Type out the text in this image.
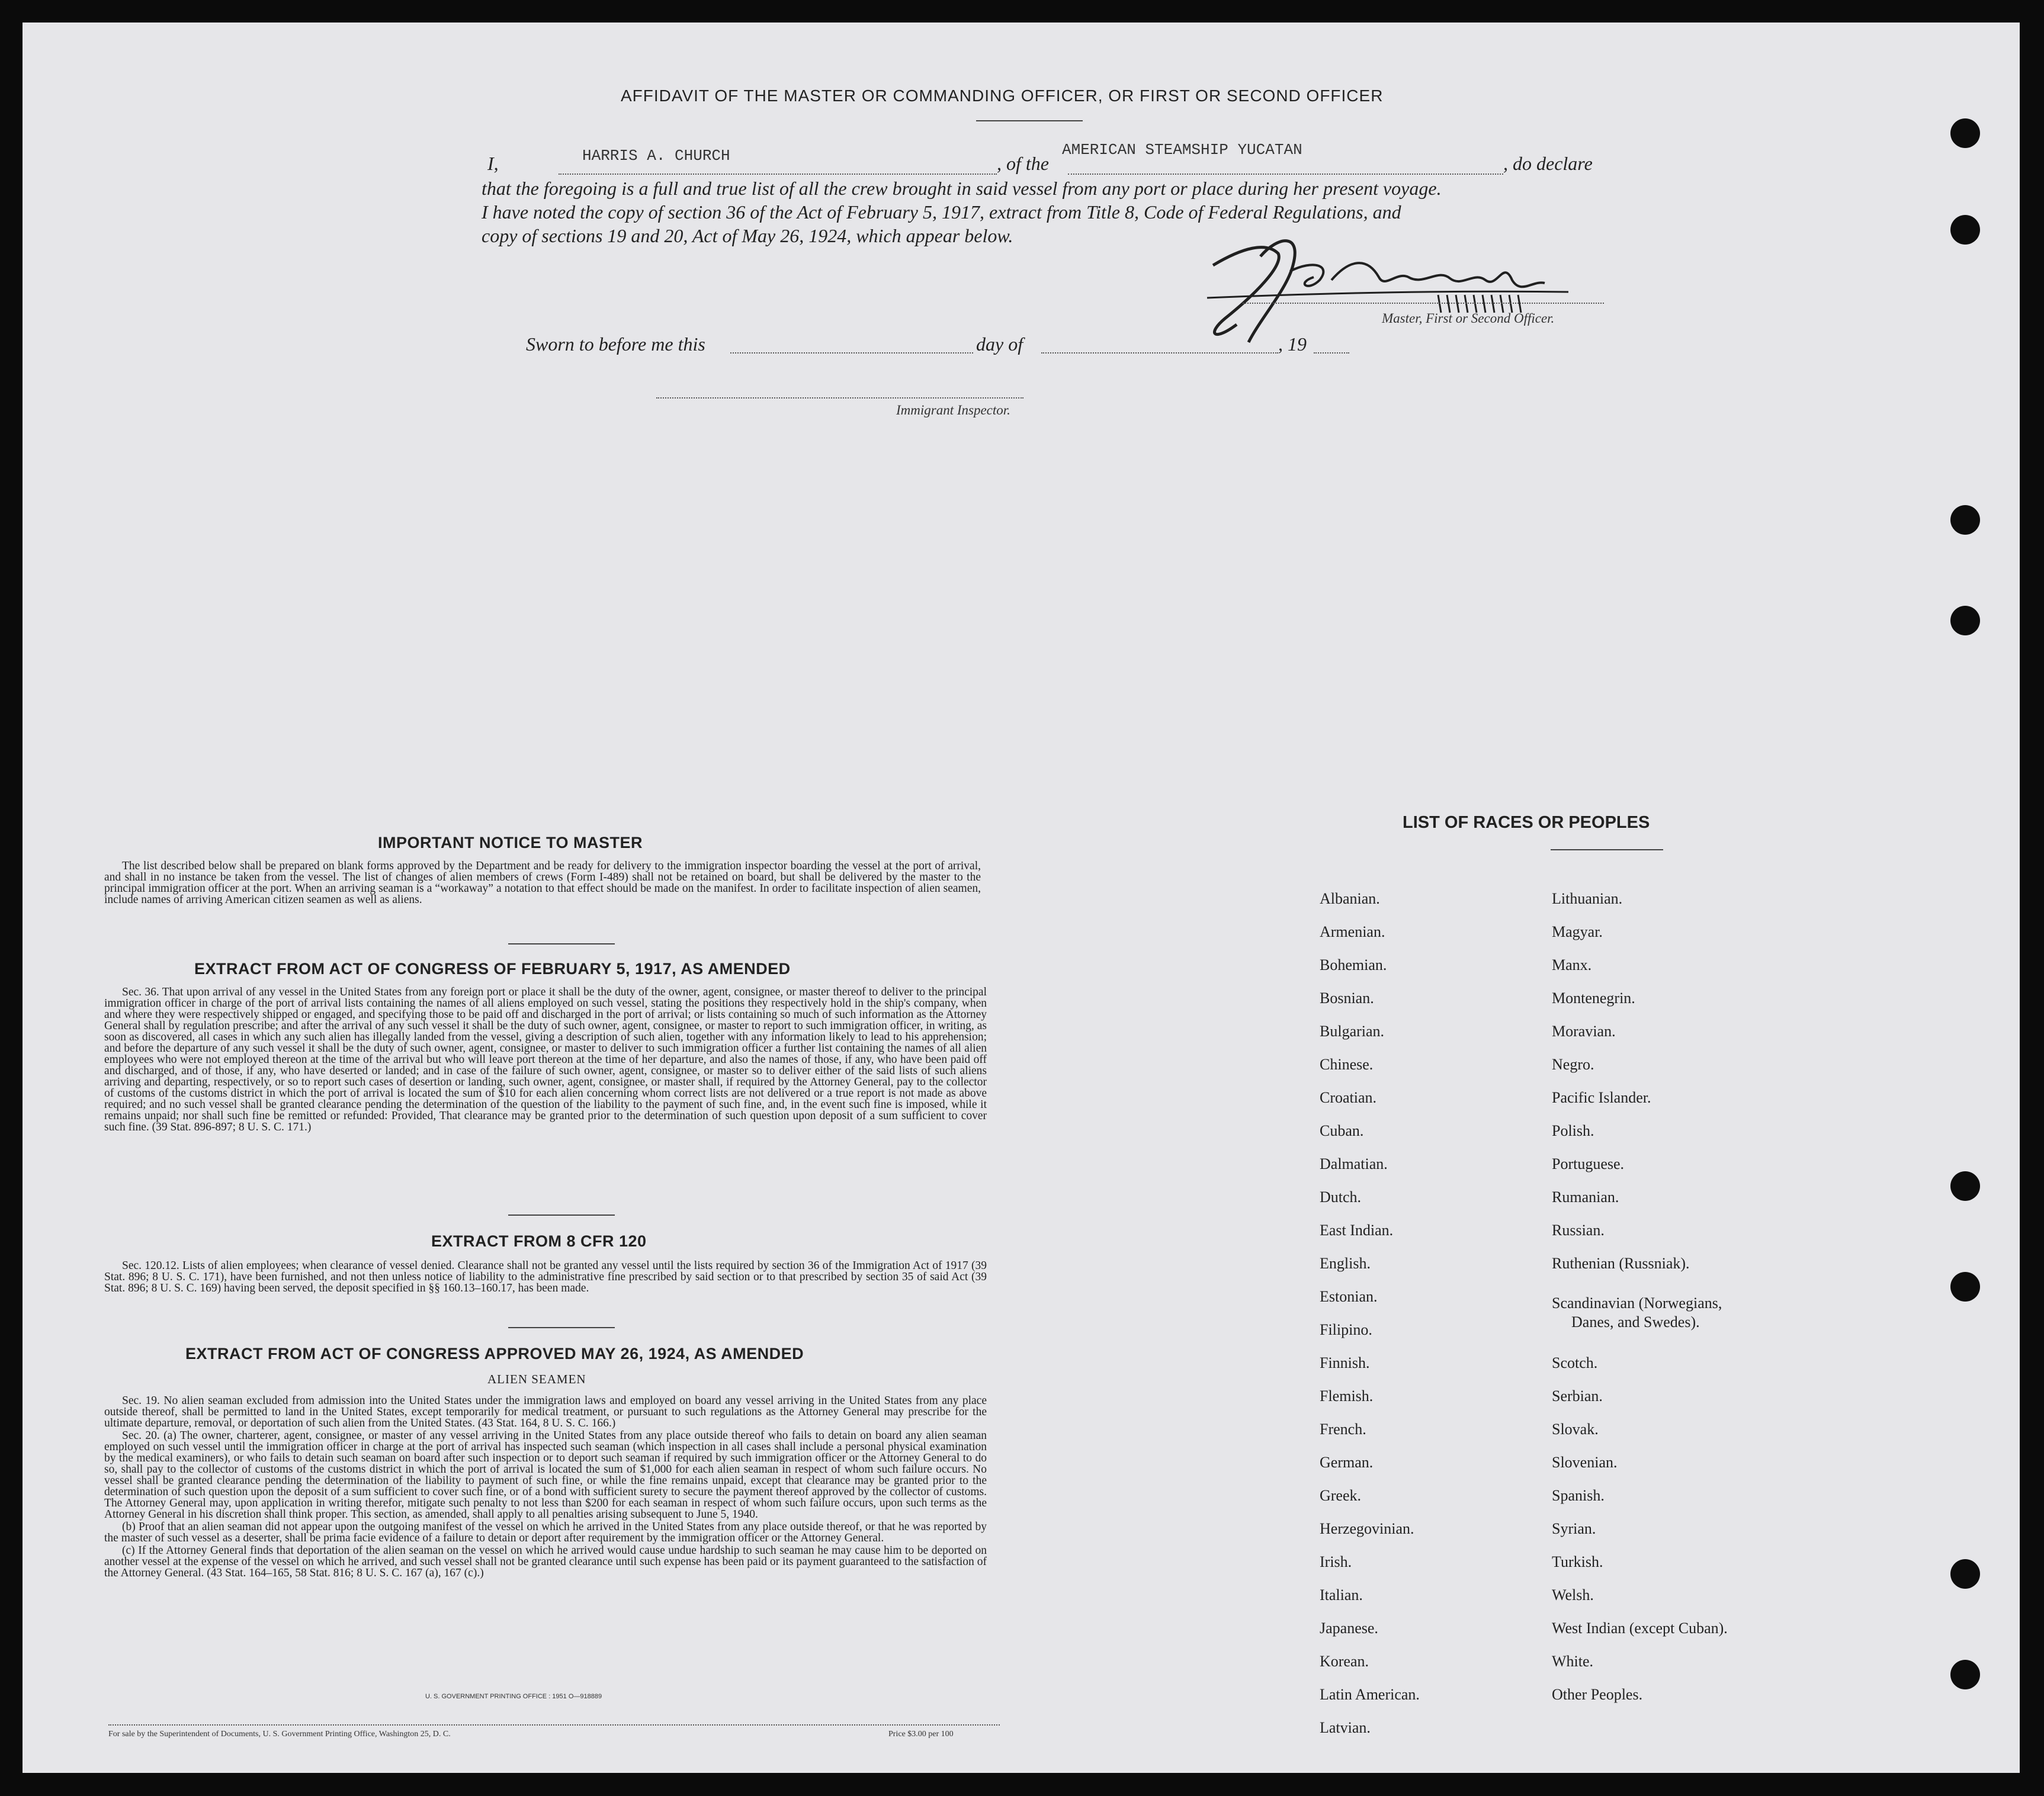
AFFIDAVIT OF THE MASTER OR COMMANDING OFFICER, OR FIRST OR SECOND OFFICER
I,	HARRIS A. CHURCH	, of the
AMERICAN STEAMSHIP YUCATAN
, do declare
that the foregoing is a full and true list of all the crew brought in said vessel from any port or place during her present voyage.
I have noted the copy of section 36 of the Act of February 5, 1917, extract from Title 8, Code of Federal Regulations, and
copy of sections 19 and 20, Act of May 26, 1924, which appear below.
Master, First or Second Officer.
Sworn to before me this	day of	, 19
Immigrant Inspector.
IMPORTANT NOTICE TO MASTER

The list described below shall be prepared on blank forms approved by the Department and be ready for delivery to the immigration inspector boarding the vessel at the port of arrival, and shall in no instance be taken from the vessel. The list of changes of alien members of crews (Form I-489) shall not be retained on board, but shall be delivered by the master to the principal immigration officer at the port. When an arriving seaman is a “workaway” a notation to that effect should be made on the manifest. In order to facilitate inspection of alien seamen, include names of arriving American citizen seamen as well as aliens.

EXTRACT FROM ACT OF CONGRESS OF FEBRUARY 5, 1917, AS AMENDED

Sec. 36. That upon arrival of any vessel in the United States from any foreign port or place it shall be the duty of the owner, agent, consignee, or master thereof to deliver to the principal immigration officer in charge of the port of arrival lists containing the names of all aliens employed on such vessel, stating the positions they respectively hold in the ship's company, when and where they were respectively shipped or engaged, and specifying those to be paid off and discharged in the port of arrival; or lists containing so much of such information as the Attorney General shall by regulation prescribe; and after the arrival of any such vessel it shall be the duty of such owner, agent, consignee, or master to report to such immigration officer, in writing, as soon as discovered, all cases in which any such alien has illegally landed from the vessel, giving a description of such alien, together with any information likely to lead to his apprehension; and before the departure of any such vessel it shall be the duty of such owner, agent, consignee, or master to deliver to such immigration officer a further list containing the names of all alien employees who were not employed thereon at the time of the arrival but who will leave port thereon at the time of her departure, and also the names of those, if any, who have been paid off and discharged, and of those, if any, who have deserted or landed; and in case of the failure of such owner, agent, consignee, or master so to deliver either of the said lists of such aliens arriving and departing, respectively, or so to report such cases of desertion or landing, such owner, agent, consignee, or master shall, if required by the Attorney General, pay to the collector of customs of the customs district in which the port of arrival is located the sum of $10 for each alien concerning whom correct lists are not delivered or a true report is not made as above required; and no such vessel shall be granted clearance pending the determination of the question of the liability to the payment of such fine, and, in the event such fine is imposed, while it remains unpaid; nor shall such fine be remitted or refunded: Provided, That clearance may be granted prior to the determination of such question upon deposit of a sum sufficient to cover such fine. (39 Stat. 896-897; 8 U. S. C. 171.)

EXTRACT FROM 8 CFR 120

Sec. 120.12. Lists of alien employees; when clearance of vessel denied. Clearance shall not be granted any vessel until the lists required by section 36 of the Immigration Act of 1917 (39 Stat. 896; 8 U. S. C. 171), have been furnished, and not then unless notice of liability to the administrative fine prescribed by said section or to that prescribed by section 35 of said Act (39 Stat. 896; 8 U. S. C. 169) having been served, the deposit specified in §§ 160.13–160.17, has been made.

EXTRACT FROM ACT OF CONGRESS APPROVED MAY 26, 1924, AS AMENDED
ALIEN SEAMEN

Sec. 19. No alien seaman excluded from admission into the United States under the immigration laws and employed on board any vessel arriving in the United States from any place outside thereof, shall be permitted to land in the United States, except temporarily for medical treatment, or pursuant to such regulations as the Attorney General may prescribe for the ultimate departure, removal, or deportation of such alien from the United States. (43 Stat. 164, 8 U. S. C. 166.)

Sec. 20. (a) The owner, charterer, agent, consignee, or master of any vessel arriving in the United States from any place outside thereof who fails to detain on board any alien seaman employed on such vessel until the immigration officer in charge at the port of arrival has inspected such seaman (which inspection in all cases shall include a personal physical examination by the medical examiners), or who fails to detain such seaman on board after such inspection or to deport such seaman if required by such immigration officer or the Attorney General to do so, shall pay to the collector of customs of the customs district in which the port of arrival is located the sum of $1,000 for each alien seaman in respect of whom such failure occurs. No vessel shall be granted clearance pending the determination of the liability to payment of such fine, or while the fine remains unpaid, except that clearance may be granted prior to the determination of such question upon the deposit of a sum sufficient to cover such fine, or of a bond with sufficient surety to secure the payment thereof approved by the collector of customs. The Attorney General may, upon application in writing therefor, mitigate such penalty to not less than $200 for each seaman in respect of whom such failure occurs, upon such terms as the Attorney General in his discretion shall think proper. This section, as amended, shall apply to all penalties arising subsequent to June 5, 1940.

(b) Proof that an alien seaman did not appear upon the outgoing manifest of the vessel on which he arrived in the United States from any place outside thereof, or that he was reported by the master of such vessel as a deserter, shall be prima facie evidence of a failure to detain or deport after requirement by the immigration officer or the Attorney General.

(c) If the Attorney General finds that deportation of the alien seaman on the vessel on which he arrived would cause undue hardship to such seaman he may cause him to be deported on another vessel at the expense of the vessel on which he arrived, and such vessel shall not be granted clearance until such expense has been paid or its payment guaranteed to the satisfaction of the Attorney General. (43 Stat. 164–165, 58 Stat. 816; 8 U. S. C. 167 (a), 167 (c).)

U. S. GOVERNMENT PRINTING OFFICE : 1951 O—918889
For sale by the Superintendent of Documents, U. S. Government Printing Office, Washington 25, D. C.	Price $3.00 per 100
LIST OF RACES OR PEOPLES
Albanian.
Armenian.
Bohemian.
Bosnian.
Bulgarian.
Chinese.
Croatian.
Cuban.
Dalmatian.
Dutch.
East Indian.
English.
Estonian.
Filipino.
Finnish.
Flemish.
French.
German.
Greek.
Herzegovinian.
Irish.
Italian.
Japanese.
Korean.
Latin American.
Latvian.
Lithuanian.
Magyar.
Manx.
Montenegrin.
Moravian.
Negro.
Pacific Islander.
Polish.
Portuguese.
Rumanian.
Russian.
Ruthenian (Russniak).
Scandinavian (Norwegians,
Danes, and Swedes).
Scotch.
Serbian.
Slovak.
Slovenian.
Spanish.
Syrian.
Turkish.
Welsh.
West Indian (except Cuban).
White.
Other Peoples.
